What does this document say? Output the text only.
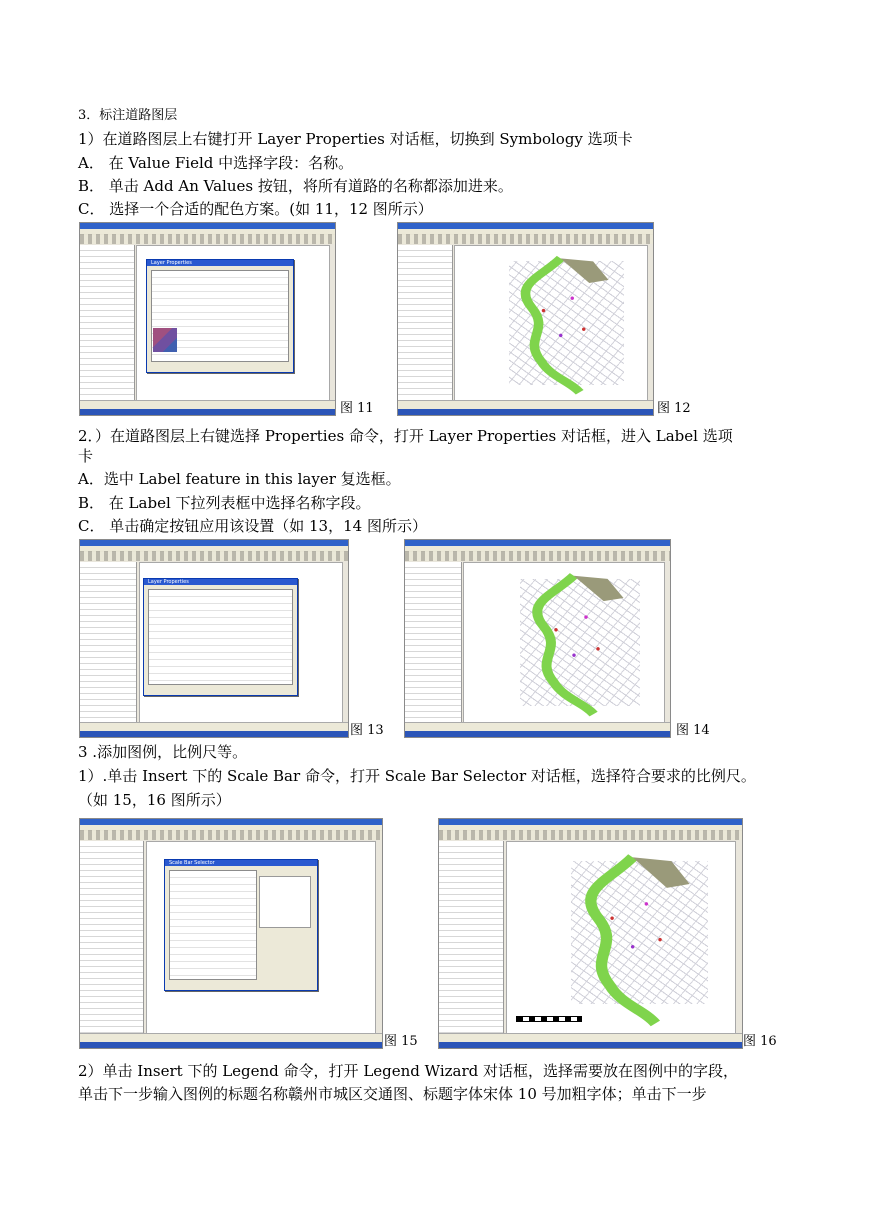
3．标注道路图层
1）在道路图层上右键打开 Layer Properties 对话框，切换到 Symbology 选项卡
A． 在 Value Field 中选择字段：名称。
B． 单击 Add An Values 按钮，将所有道路的名称都添加进来。
C． 选择一个合适的配色方案。(如 11，12 图所示）
Layer Properties
图 11	图 12
2．）在道路图层上右键选择 Properties 命令，打开 Layer Properties 对话框，进入 Label 选项
卡
A．选中 Label feature in this layer 复选框。
B． 在 Label 下拉列表框中选择名称字段。
C． 单击确定按钮应用该设置（如 13，14 图所示）
Layer Properties
图 13	图 14
3 .添加图例，比例尺等。
1）.单击 Insert 下的 Scale Bar 命令，打开 Scale Bar Selector 对话框，选择符合要求的比例尺。
（如 15，16 图所示）
Scale Bar Selector
图 15	图 16
2）单击 Insert 下的 Legend 命令，打开 Legend Wizard 对话框，选择需要放在图例中的字段，
单击下一步输入图例的标题名称赣州市城区交通图、标题字体宋体 10 号加粗字体；单击下一步
